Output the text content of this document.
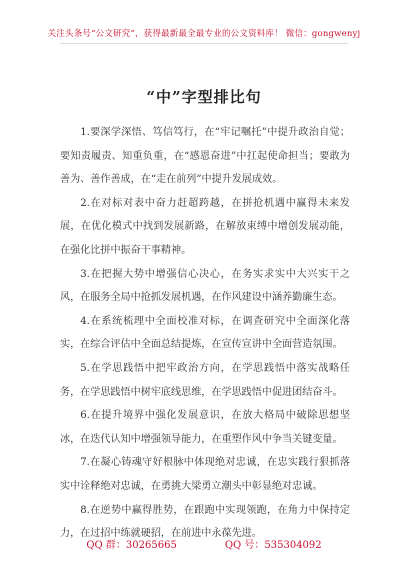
关注头条号“公文研究”，获得最新最全最专业的公文资料库！ 微信：gongwenyj
“中”字型排比句

1.要深学深悟、笃信笃行，在“牢记嘱托”中提升政治自觉；要知责履责、知重负重，在“感恩奋进”中扛起使命担当；要敢为善为、善作善成，在“走在前列”中提升发展成效。

2.在对标对表中奋力赶超跨越，在拼抢机遇中赢得未来发展，在优化模式中找到发展新路，在解放束缚中增创发展动能，在强化比拼中振奋干事精神。

3.在把握大势中增强信心决心，在务实求实中大兴实干之风，在服务全局中抢抓发展机遇，在作风建设中涵养勤廉生态。

4.在系统梳理中全面校准对标，在调查研究中全面深化落实，在综合评估中全面总结提炼，在宣传宣讲中全面营造氛围。

5.在学思践悟中把牢政治方向，在学思践悟中落实战略任务，在学思践悟中树牢底线思维，在学思践悟中促进团结奋斗。

6.在提升境界中强化发展意识，在放大格局中破除思想坚冰，在迭代认知中增强领导能力，在重塑作风中争当关键变量。

7.在凝心铸魂守好根脉中体现绝对忠诚，在忠实践行狠抓落实中诠释绝对忠诚，在勇挑大梁勇立潮头中彰显绝对忠诚。

8.在逆势中赢得胜势，在跟跑中实现领跑，在角力中保持定力，在过招中练就硬招，在前进中永葆先进。

QQ 群：30265665	QQ 号：535304092
